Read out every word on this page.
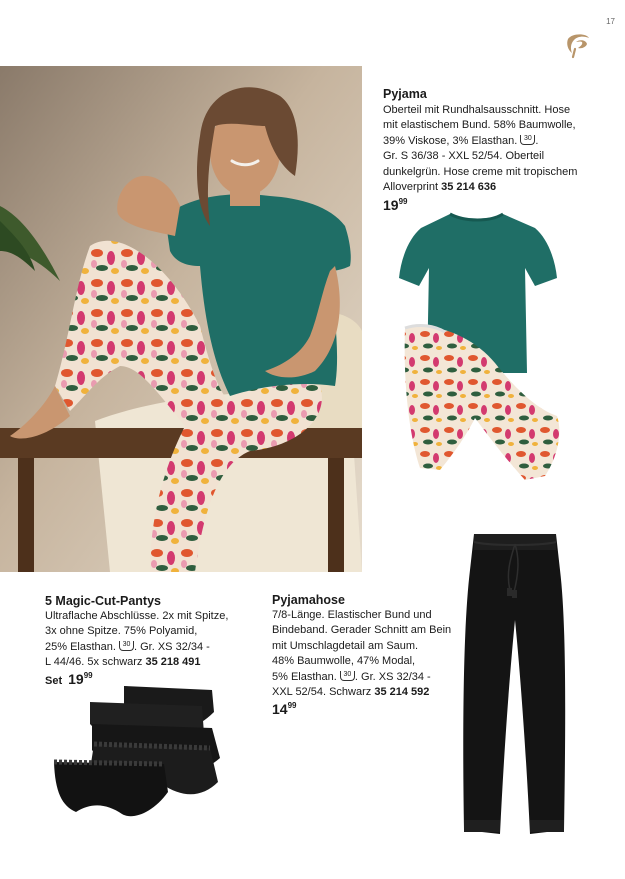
17
Pyjama
Oberteil mit Rundhalsausschnitt. Hose
mit elastischem Bund. 58% Baumwolle,
39% Viskose, 3% Elasthan. 30 .
Gr. S 36/38 - XXL 52/54. Oberteil
dunkelgrün. Hose creme mit tropischem
Alloverprint 35 214 636
$19^{99}$
5 Magic-Cut-Pantys
Ultraflache Abschlüsse. 2x mit Spitze,
3x ohne Spitze. 75% Polyamid,
25% Elasthan. 30 . Gr. XS 32/34 -
L 44/46. 5x schwarz 35 218 491
Set $19^{99}$
Pyjamahose
7/8-Länge. Elastischer Bund und
Bindeband. Gerader Schnitt am Bein
mit Umschlagdetail am Saum.
48% Baumwolle, 47% Modal,
5% Elasthan. 30 . Gr. XS 32/34 -
XXL 52/54. Schwarz 35 214 592
$14^{99}$
